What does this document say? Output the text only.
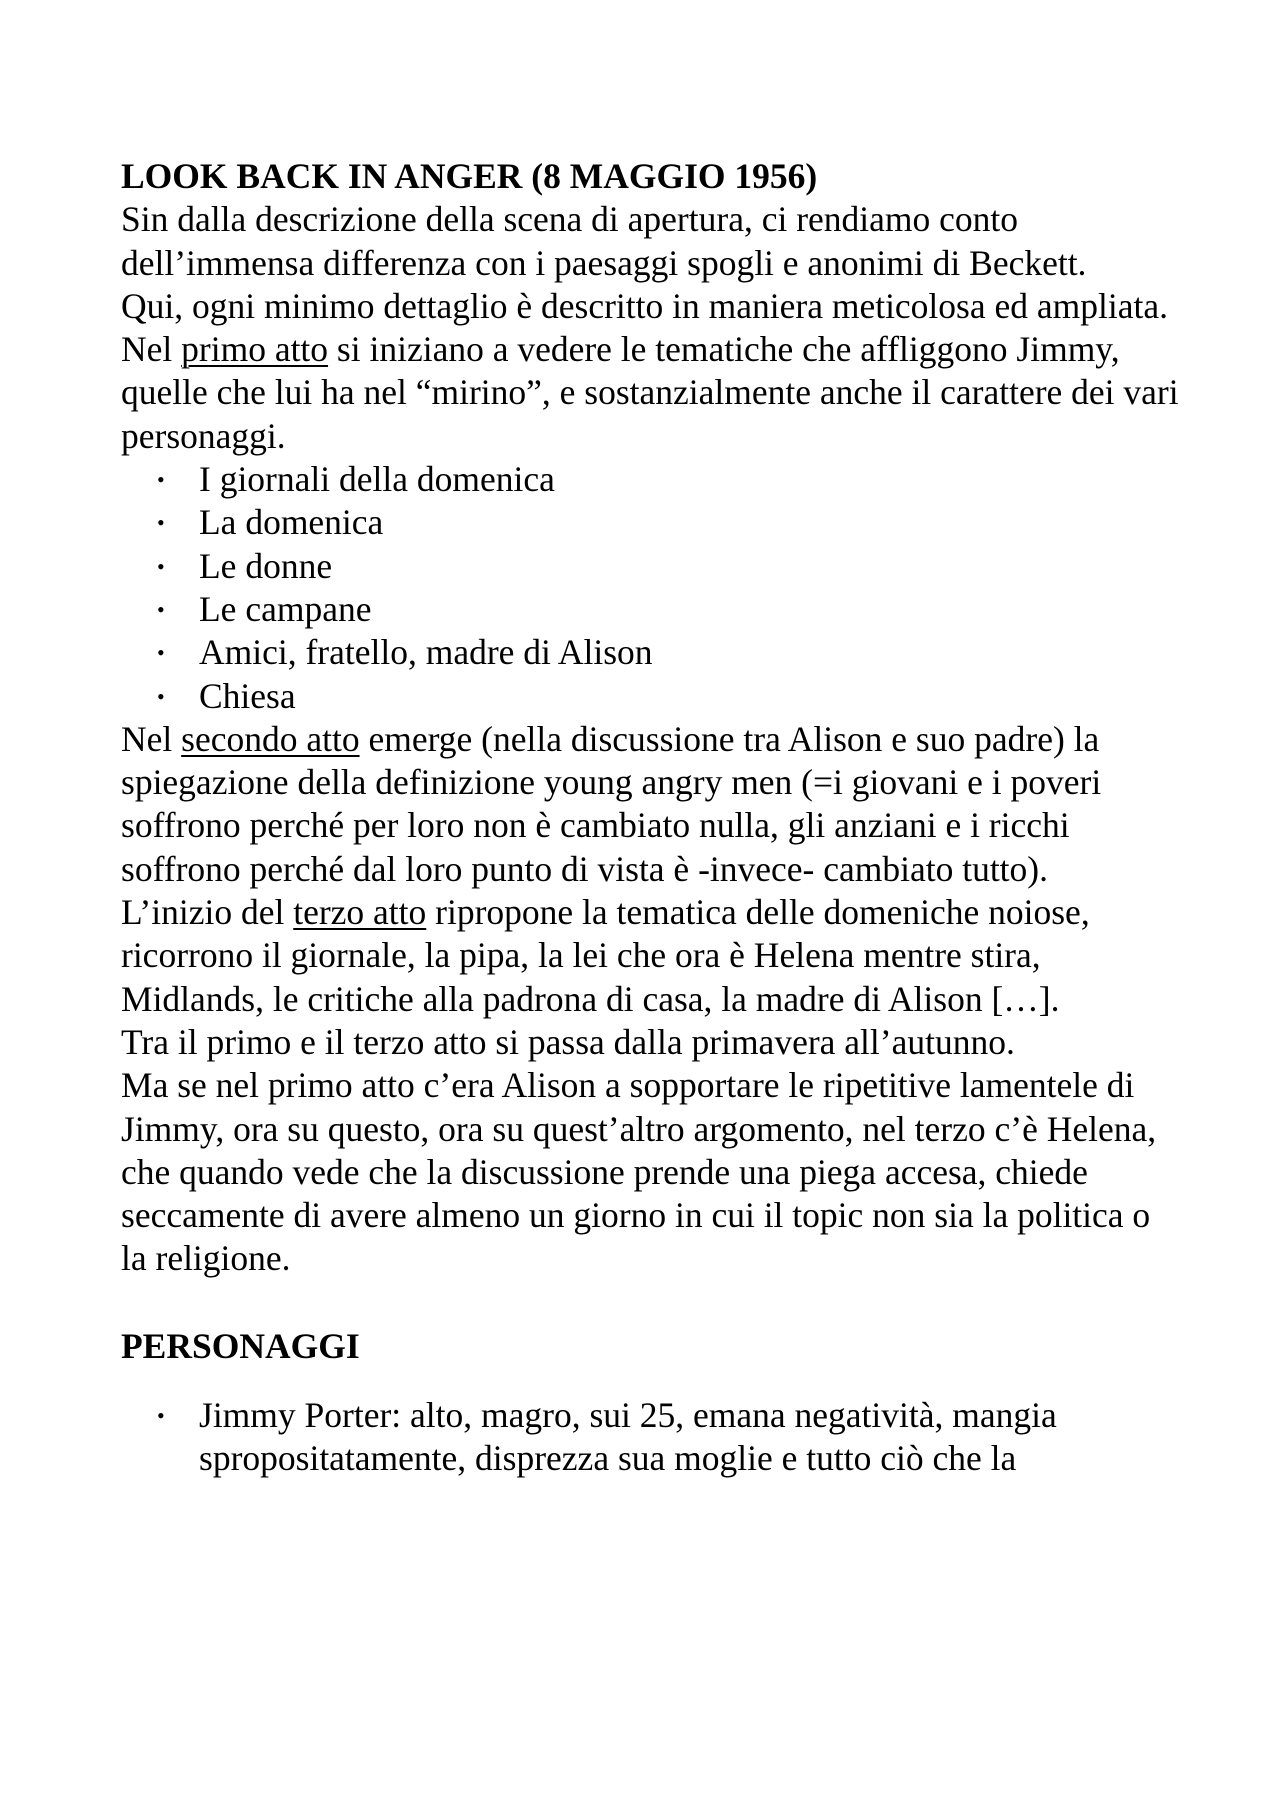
LOOK BACK IN ANGER (8 MAGGIO 1956)

Sin dalla descrizione della scena di apertura, ci rendiamo conto dell’immensa differenza con i paesaggi spogli e anonimi di Beckett.

Qui, ogni minimo dettaglio è descritto in maniera meticolosa ed ampliata.

Nel primo atto si iniziano a vedere le tematiche che affliggono Jimmy, quelle che lui ha nel “mirino”, e sostanzialmente anche il carattere dei vari personaggi.

• I giornali della domenica
• La domenica
• Le donne
• Le campane
• Amici, fratello, madre di Alison
• Chiesa

Nel secondo atto emerge (nella discussione tra Alison e suo padre) la spiegazione della definizione young angry men (=i giovani e i poveri soffrono perché per loro non è cambiato nulla, gli anziani e i ricchi soffrono perché dal loro punto di vista è -invece- cambiato tutto).

L’inizio del terzo atto ripropone la tematica delle domeniche noiose, ricorrono il giornale, la pipa, la lei che ora è Helena mentre stira, Midlands, le critiche alla padrona di casa, la madre di Alison […].

Tra il primo e il terzo atto si passa dalla primavera all’autunno.

Ma se nel primo atto c’era Alison a sopportare le ripetitive lamentele di Jimmy, ora su questo, ora su quest’altro argomento, nel terzo c’è Helena, che quando vede che la discussione prende una piega accesa, chiede seccamente di avere almeno un giorno in cui il topic non sia la politica o la religione.

PERSONAGGI

• Jimmy Porter: alto, magro, sui 25, emana negatività, mangia spropositatamente, disprezza sua moglie e tutto ciò che la
